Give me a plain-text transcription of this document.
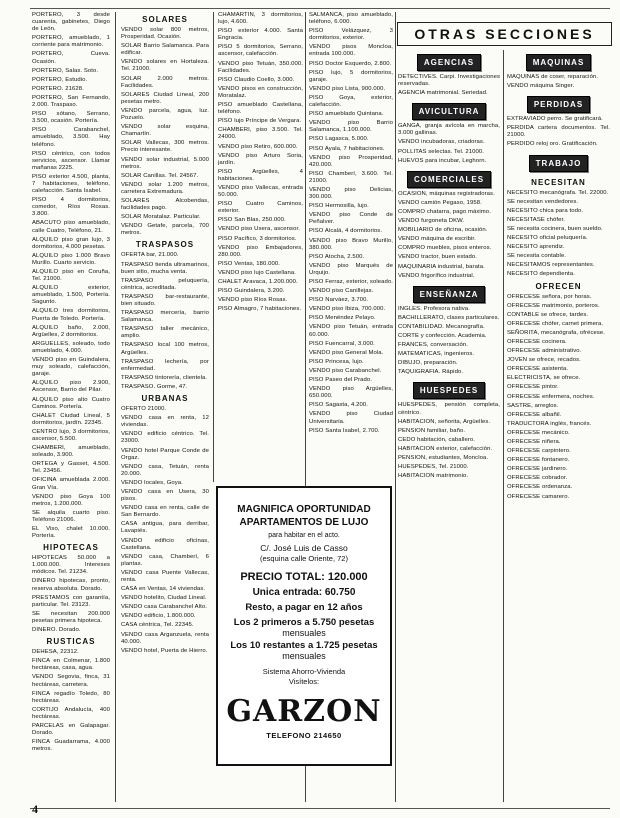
PORTERO, 3 desde cuarenta, gabinetes, Diego de León.

PORTERO, amueblado, 1 corriente para matrimonio.

PORTERO, Cueva. Ocasión.

PORTERO, Salas. Soto.

PORTERO, Estudio.

PORTERO. 21628.

PORTERO, San Fernando, 2.000. Traspaso.

PISO sótano, Serrano, 3.500, ocasión. Portería.

PISO Carabanchel, amueblado, 3.500. Hay teléfono.

PISO céntrico, con todos servicios, ascensor. Llamar mañanas 2225.

PISO exterior 4.500, planta, 7 habitaciones, teléfono, calefacción. Santa Isabel.

PISO 4 dormitorios, comedor, Ríos Rosas. 3.800.

ABACUTO piso amueblado, calle Cuatro, Teléfono, 21.

ALQUILO piso gran lujo, 3 dormitorios, 4.000 pesetas.

ALQUILO piso 1.000 Bravo Murillo. Cuarto servicio.

ALQUILO piso en Coruña, Tel. 21000.

ALQUILO exterior, amueblado, 1.500, Portería. Sagunto.

ALQUILO tres dormitorios, Puerta de Toledo. Portería.

ALQUILO baño, 2.000, Argüelles, 2 dormitorios.

ARGUELLES, soleado, todo amueblado, 4.000.

VENDO piso en Guindalera, muy soleado, calefacción, garaje.

ALQUILO piso 2.900, Ascensor, Barrio del Pilar.

ALQUILO piso alto Cuatro Caminos. Portería.

CHALET Ciudad Lineal, 5 dormitorios, jardín. 22345.

CENTRO lujo, 3 dormitorios, ascensor, 5.500.

CHAMBERI, amueblado, soleado, 3.900.

ORTEGA y Gasset, 4.500. Tel. 23456.

OFICINA amueblada 2.000. Gran Vía.

VENDO piso Goya 100 metros, 1.200.000.

SE alquila cuarto piso. Teléfono 21006.

EL Viso, chalet 10.000. Portería.

HIPOTECAS

HIPOTECAS 50.000 a 1.000.000. Intereses módicos. Tel. 21234.

DINERO hipotecas, pronto, reserva absoluta. Dorado.

PRESTAMOS con garantía, particular. Tel. 23123.

SE necesitan 200.000 pesetas primera hipoteca.

DINERO. Dorado.

RUSTICAS

DEHESA, 22312.

FINCA en Colmenar, 1.800 hectáreas, casa, agua.

VENDO Segovia, finca, 31 hectáreas, carretera.

FINCA regadío Toledo, 80 hectáreas.

CORTIJO Andalucía, 400 hectáreas.

PARCELAS en Galapagar. Dorado.

FINCA Guadarrama, 4.000 metros.

SOLARES

VENDO solar 800 metros, Prosperidad. Ocasión.

SOLAR Barrio Salamanca. Para edificar.

VENDO solares en Hortaleza. Tel. 21000.

SOLAR 2.000 metros. Facilidades.

SOLARES Ciudad Lineal, 200 pesetas metro.

VENDO parcela, agua, luz. Pozuelo.

VENDO solar esquina, Chamartín.

SOLAR Vallecas, 300 metros. Precio interesante.

VENDO solar industrial, 5.000 metros.

SOLAR Canillas. Tel. 24567.

VENDO solar 1.200 metros, carretera Extremadura.

SOLARES Alcobendas, facilidades pago.

SOLAR Moratalaz. Particular.

VENDO Getafe, parcela, 700 metros.

TRASPASOS

OFERTA bar, 21.000.

TRASPASO tienda ultramarinos, buen sitio, mucha venta.

TRASPASO peluquería, céntrica, acreditada.

TRASPASO bar-restaurante, bien situado.

TRASPASO mercería, barrio Salamanca.

TRASPASO taller mecánico, amplio.

TRASPASO local 100 metros, Argüelles.

TRASPASO lechería, por enfermedad.

TRASPASO tintorería, clientela.

TRASPASO. Gorme, 47.

URBANAS

OFERTO 21000.

VENDO casa en renta, 12 viviendas.

VENDO edificio céntrico. Tel. 23000.

VENDO hotel Parque Conde de Orgaz.

VENDO casa, Tetuán, renta 20.000.

VENDO locales, Goya.

VENDO casa en Usera, 30 pisos.

VENDO casa en renta, calle de San Bernardo.

CASA antigua, para derribar, Lavapiés.

VENDO edificio oficinas, Castellana.

VENDO casa, Chamberí, 6 plantas.

VENDO casa Puente Vallecas, renta.

CASA en Ventas, 14 viviendas.

VENDO hotelito, Ciudad Lineal.

VENDO casa Carabanchel Alto.

VENDO edificio, 1.800.000.

CASA céntrica, Tel. 22345.

VENDO casa Arganzuela, renta 40.000.

VENDO hotel, Puerta de Hierro.

CHAMARTIN, 3 dormitorios, lujo, 4.600.

PISO exterior 4.000. Santa Engracia.

PISO 5 dormitorios, Serrano, ascensor, calefacción.

VENDO piso Tetuán, 350.000. Facilidades.

PISO Claudio Coello, 3.000.

VENDO pisos en construcción, Moratalaz.

PISO amueblado Castellana, teléfono.

PISO lujo Príncipe de Vergara.

CHAMBERI, piso 3.500. Tel. 24000.

VENDO piso Retiro, 600.000.

VENDO piso Arturo Soria, jardín.

PISO Argüelles, 4 habitaciones.

VENDO piso Vallecas, entrada 50.000.

PISO Cuatro Caminos, exterior.

PISO San Blas, 250.000.

VENDO piso Usera, ascensor.

PISO Pacífico, 3 dormitorios.

VENDO piso Embajadores, 280.000.

PISO Ventas, 180.000.

VENDO piso lujo Castellana.

CHALET Aravaca, 1.200.000.

PISO Guindalera, 3.200.

VENDO piso Ríos Rosas.

PISO Almagro, 7 habitaciones.

SALMANCA, piso amueblado, teléfono, 6.000.

PISO Velázquez, 3 dormitorios, exterior.

VENDO pisos Moncloa, entrada 100.000.

PISO Doctor Esquerdo, 2.800.

PISO lujo, 5 dormitorios, garaje.

VENDO piso Lista, 900.000.

PISO Goya, exterior, calefacción.

PISO amueblado Quintana.

VENDO piso Barrio Salamanca, 1.100.000.

PISO Lagasca, 5.000.

PISO Ayala, 7 habitaciones.

VENDO piso Prosperidad, 420.000.

PISO Chamberí, 3.600. Tel. 21000.

VENDO piso Delicias, 300.000.

PISO Hermosilla, lujo.

VENDO piso Conde de Peñalver.

PISO Alcalá, 4 dormitorios.

VENDO piso Bravo Murillo, 380.000.

PISO Atocha, 2.500.

VENDO piso Marqués de Urquijo.

PISO Ferraz, exterior, soleado.

VENDO piso Canillejas.

PISO Narváez, 3.700.

VENDO piso Ibiza, 700.000.

PISO Menéndez Pelayo.

VENDO piso Tetuán, entrada 60.000.

PISO Fuencarral, 3.000.

VENDO piso General Mola.

PISO Princesa, lujo.

VENDO piso Carabanchel.

PISO Paseo del Prado.

VENDO piso Argüelles, 650.000.

PISO Sagasta, 4.200.

VENDO piso Ciudad Universitaria.

PISO Santa Isabel, 2.700.

OTRAS SECCIONES
AGENCIAS

DETECTIVES. Carpi. Investigaciones reservadas.

AGENCIA matrimonial. Seriedad.

AVICULTURA

GANGA, granja avícola en marcha, 3.000 gallinas.

VENDO incubadoras, criadoras.

POLLITAS selectas. Tel. 21000.

HUEVOS para incubar, Leghorn.

COMERCIALES

OCASION, máquinas registradoras.

VENDO camión Pegaso, 1958.

COMPRO chatarra, pago máximo.

VENDO furgoneta DKW.

MOBILIARIO de oficina, ocasión.

VENDO máquina de escribir.

COMPRO muebles, pisos enteros.

VENDO tractor, buen estado.

MAQUINARIA industrial, barata.

VENDO frigorífico industrial.

ENSEÑANZA

INGLES. Profesora nativa.

BACHILLERATO, clases particulares.

CONTABILIDAD. Mecanografía.

CORTE y confección. Academia.

FRANCES, conversación.

MATEMATICAS, ingenieros.

DIBUJO, preparación.

TAQUIGRAFIA. Rápido.

HUESPEDES

HUESPEDES, pensión completa, céntrico.

HABITACION, señorita, Argüelles.

PENSION familiar, baño.

CEDO habitación, caballero.

HABITACION exterior, calefacción.

PENSION, estudiantes, Moncloa.

HUESPEDES, Tel. 21000.

HABITACION matrimonio.

MAQUINAS

MAQUINAS de coser, reparación.

VENDO máquina Singer.

PERDIDAS

EXTRAVIADO perro. Se gratificará.

PERDIDA cartera documentos. Tel. 21000.

PERDIDO reloj oro. Gratificación.

TRABAJO
NECESITAN

NECESITO mecanógrafa. Tel. 22000.

SE necesitan vendedores.

NECESITO chica para todo.

NECESITASE chófer.

SE necesita cocinera, buen sueldo.

NECESITO oficial peluquería.

NECESITO aprendiz.

SE necesita contable.

NECESITAMOS representantes.

NECESITO dependienta.

OFRECEN

OFRECESE señora, por horas.

OFRECESE matrimonio, porteros.

CONTABLE se ofrece, tardes.

OFRECESE chófer, carnet primera.

SEÑORITA, mecanógrafa, ofrécese.

OFRECESE cocinera.

OFRECESE administrativo.

JOVEN se ofrece, recados.

OFRECESE asistenta.

ELECTRICISTA, se ofrece.

OFRECESE pintor.

OFRECESE enfermera, noches.

SASTRE, arreglos.

OFRECESE albañil.

TRADUCTORA inglés, francés.

OFRECESE mecánico.

OFRECESE niñera.

OFRECESE carpintero.

OFRECESE fontanero.

OFRECESE jardinero.

OFRECESE cobrador.

OFRECESE ordenanza.

OFRECESE camarero.

MAGNIFICA OPORTUNIDAD
APARTAMENTOS DE LUJO
para habitar en el acto.
C/. José Luis de Casso
(esquina calle Oriente, 72)
PRECIO TOTAL: 120.000
Unica entrada: 60.750
Resto, a pagar en 12 años
Los 2 primeros a 5.750 pesetas
mensuales
Los 10 restantes a 1.725 pesetas
mensuales
Sistema Ahorro-Vivienda
Visítelos:
GARZON
TELEFONO 214650
4
